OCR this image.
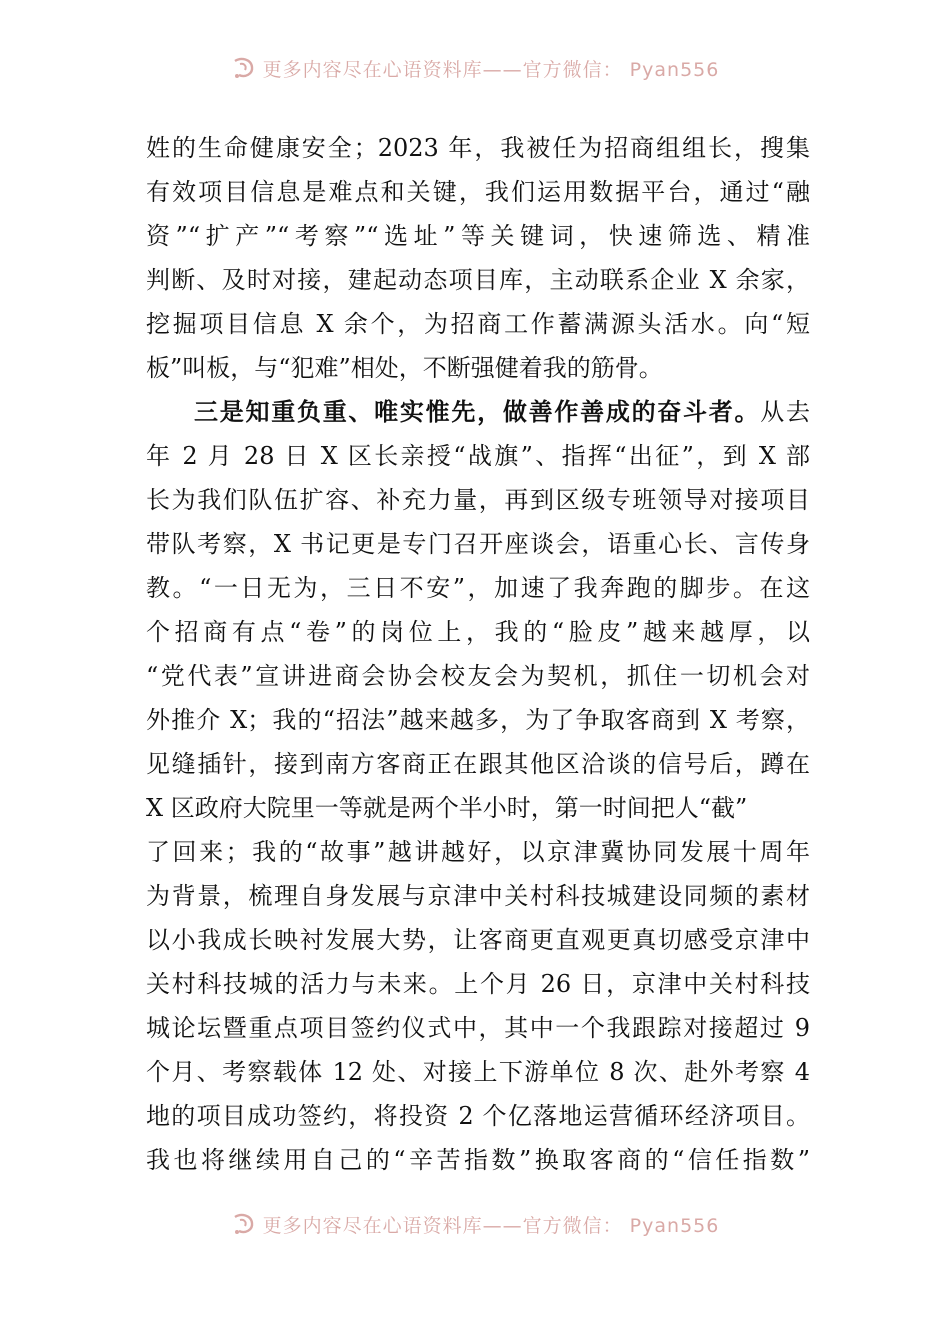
更多内容尽在心语资料库——官方微信： Pyan556
姓的生命健康安全；2023 年，我被任为招商组组长，搜集
有效项目信息是难点和关键，我们运用数据平台，通过“融
资”“扩产”“考察”“选址”等关键词，快速筛选、精准
判断、及时对接，建起动态项目库，主动联系企业 X 余家，
挖掘项目信息 X 余个，为招商工作蓄满源头活水。向“短
板”叫板，与“犯难”相处，不断强健着我的筋骨。
三是知重负重、唯实惟先，做善作善成的奋斗者。从去
年 2 月 28 日 X 区长亲授“战旗”、指挥“出征”，到 X 部
长为我们队伍扩容、补充力量，再到区级专班领导对接项目
带队考察，X 书记更是专门召开座谈会，语重心长、言传身
教。“一日无为，三日不安”，加速了我奔跑的脚步。在这
个招商有点“卷”的岗位上，我的“脸皮”越来越厚，以
“党代表”宣讲进商会协会校友会为契机，抓住一切机会对
外推介 X；我的“招法”越来越多，为了争取客商到 X 考察，
见缝插针，接到南方客商正在跟其他区洽谈的信号后，蹲在
X 区政府大院里一等就是两个半小时，第一时间把人“截”
了回来；我的“故事”越讲越好，以京津冀协同发展十周年
为背景，梳理自身发展与京津中关村科技城建设同频的素材
以小我成长映衬发展大势，让客商更直观更真切感受京津中
关村科技城的活力与未来。上个月 26 日，京津中关村科技
城论坛暨重点项目签约仪式中，其中一个我跟踪对接超过 9
个月、考察载体 12 处、对接上下游单位 8 次、赴外考察 4
地的项目成功签约，将投资 2 个亿落地运营循环经济项目。
我也将继续用自己的“辛苦指数”换取客商的“信任指数”
更多内容尽在心语资料库——官方微信： Pyan556
